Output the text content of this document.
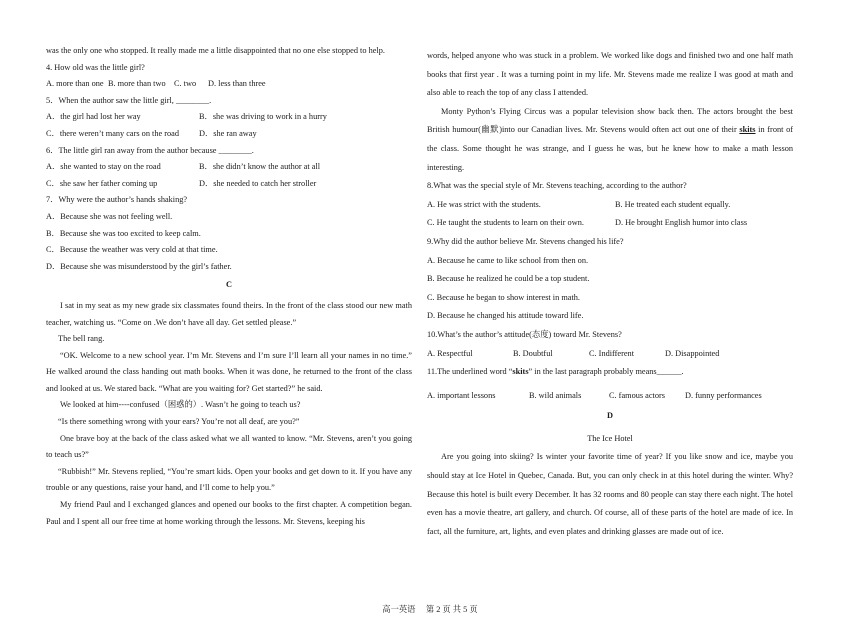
was the only one who stopped. It really made me a little disappointed that no one else stopped to help.

4. How old was the little girl?

A. more than one B. more than two	C. two	D. less than three

5．When the author saw the little girl, ________.

A．the girl had lost her way	B．she was driving to work in a hurry
C．there weren’t many cars on the road	D．she ran away

6．The little girl ran away from the author because ________.

A．she wanted to stay on the road	B．she didn’t know the author at all
C．she saw her father coming up	D．she needed to catch her stroller

7．Why were the author’s hands shaking?

A．Because she was not feeling well.

B．Because she was too excited to keep calm.

C．Because the weather was very cold at that time.

D．Because she was misunderstood by the girl’s father.

C

I sat in my seat as my new grade six classmates found theirs. In the front of the class stood our new math teacher, watching us. “Come on .We don’t have all day. Get settled please.”

The bell rang.

“OK. Welcome to a new school year. I’m Mr. Stevens and I’m sure I’ll learn all your names in no time.” He walked around the class handing out math books. When it was done, he returned to the front of the class and looked at us. We stared back. “What are you waiting for? Get started?” he said.

We looked at him----confused（困惑的）. Wasn’t he going to teach us?

“Is there something wrong with your ears? You’re not all deaf, are you?”

One brave boy at the back of the class asked what we all wanted to know. “Mr. Stevens, aren’t you going to teach us?”

“Rubbish!” Mr. Stevens replied, “You’re smart kids. Open your books and get down to it. If you have any trouble or any questions, raise your hand, and I’ll come to help you.”

My friend Paul and I exchanged glances and opened our books to the first chapter. A competition began. Paul and I spent all our free time at home working through the lessons. Mr. Stevens, keeping his

words, helped anyone who was stuck in a problem. We worked like dogs and finished two and one half math books that first year . It was a turning point in my life. Mr. Stevens made me realize I was good at math and also able to reach the top of any class I attended.

Monty Python’s Flying Circus was a popular television show back then. The actors brought the best British humour(幽默)into our Canadian lives. Mr. Stevens would often act out one of their skits in front of the class. Some thought he was strange, and I guess he was, but he knew how to make a math lesson interesting.

8.What was the special style of Mr. Stevens teaching, according to the author?

A. He was strict with the students.	B. He treated each student equally.
C. He taught the students to learn on their own.	D. He brought English humor into class

9.Why did the author believe Mr. Stevens changed his life?

A. Because he came to like school from then on.

B. Because he realized he could be a top student.

C. Because he began to show interest in math.

D. Because he changed his attitude toward life.

10.What’s the author’s attitude(态度) toward Mr. Stevens?

A. Respectful	B. Doubtful	C. Indifferent	D. Disappointed

11.The underlined word “skits” in the last paragraph probably means______.

A. important lessons	B. wild animals	C. famous actors	D. funny performances
D
The Ice Hotel

Are you going into skiing? Is winter your favorite time of year? If you like snow and ice, maybe you should stay at Ice Hotel in Quebec, Canada. But, you can only check in at this hotel during the winter. Why? Because this hotel is built every December. It has 32 rooms and 80 people can stay there each night. The hotel even has a movie theatre, art gallery, and church. Of course, all of these parts of the hotel are made of ice. In fact, all the furniture, art, lights, and even plates and drinking glasses are made out of ice.

高一英语　 第 2 页 共 5 页
